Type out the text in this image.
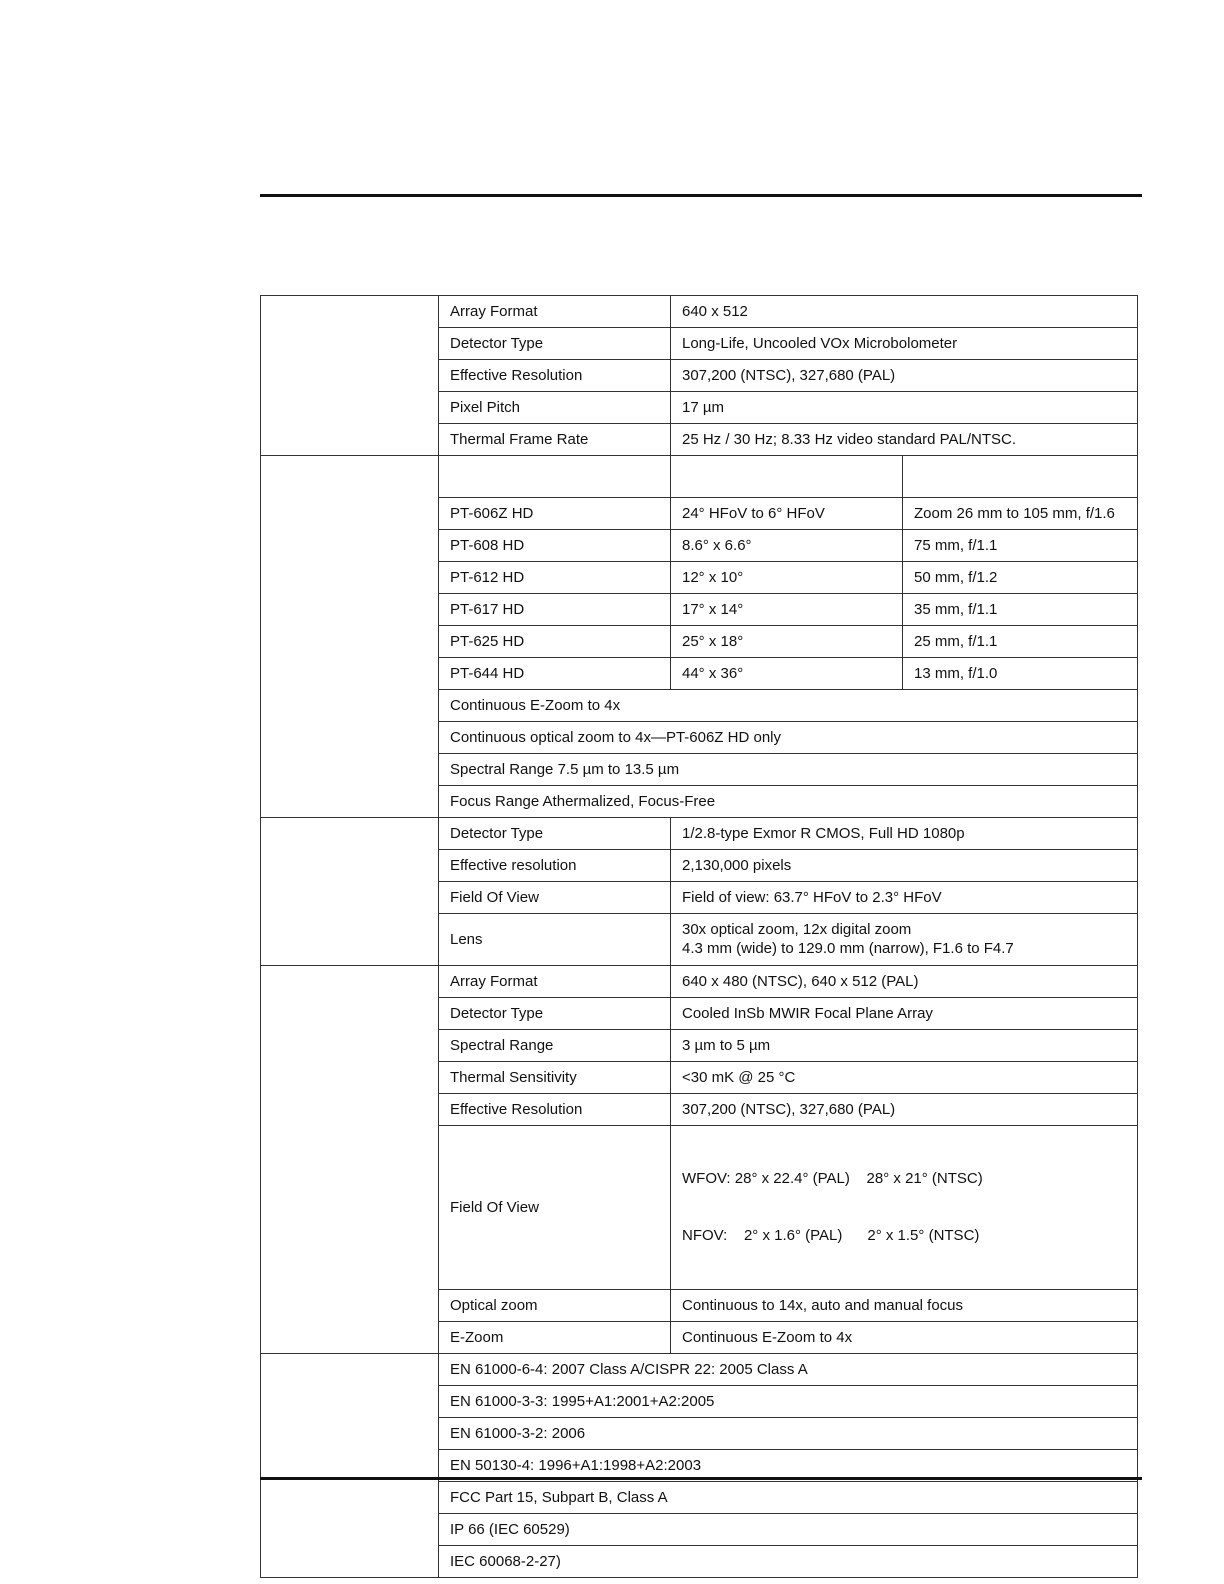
	Array Format	640 x 512	
	Detector Type	Long-Life, Uncooled VOx Microbolometer	
	Effective Resolution	307,200 (NTSC), 327,680 (PAL)	
	Pixel Pitch	17 µm	
	Thermal Frame Rate	25 Hz / 30 Hz; 8.33 Hz video standard PAL/NTSC.	

	PT-606Z HD	24° HFoV to 6° HFoV	Zoom 26 mm to 105 mm, f/1.6
	PT-608 HD	8.6° x 6.6°	75 mm, f/1.1
	PT-612 HD	12° x 10°	50 mm, f/1.2
	PT-617 HD	17° x 14°	35 mm, f/1.1
	PT-625 HD	25° x 18°	25 mm, f/1.1
	PT-644 HD	44° x 36°	13 mm, f/1.0
	Continuous E-Zoom to 4x		
	Continuous optical zoom to 4x—PT-606Z HD only		
	Spectral Range 7.5 µm to 13.5 µm		
	Focus Range Athermalized, Focus-Free		
	Detector Type	1/2.8-type Exmor R CMOS, Full HD 1080p	
	Effective resolution	2,130,000 pixels	
	Field Of View	Field of view: 63.7° HFoV to 2.3° HFoV	
	Lens	30x optical zoom, 12x digital zoom
4.3 mm (wide) to 129.0 mm (narrow), F1.6 to F4.7	

	Array Format	640 x 480 (NTSC), 640 x 512 (PAL)	
	Detector Type	Cooled InSb MWIR Focal Plane Array	
	Spectral Range	3 µm to 5 µm	
	Thermal Sensitivity	<30 mK @ 25 °C	
	Effective Resolution	307,200 (NTSC), 327,680 (PAL)	
	Field Of View	WFOV: 28° x 22.4° (PAL)    28° x 21° (NTSC)

NFOV:    2° x 1.6° (PAL)      2° x 1.5° (NTSC)	

	Optical zoom	Continuous to 14x, auto and manual focus	
	E-Zoom	Continuous E-Zoom to 4x	
	EN 61000-6-4: 2007 Class A/CISPR 22: 2005 Class A		
	EN 61000-3-3: 1995+A1:2001+A2:2005		
	EN 61000-3-2: 2006		
	EN 50130-4: 1996+A1:1998+A2:2003		
	FCC Part 15, Subpart B, Class A		
	IP 66 (IEC 60529)		
	IEC 60068-2-27)		
